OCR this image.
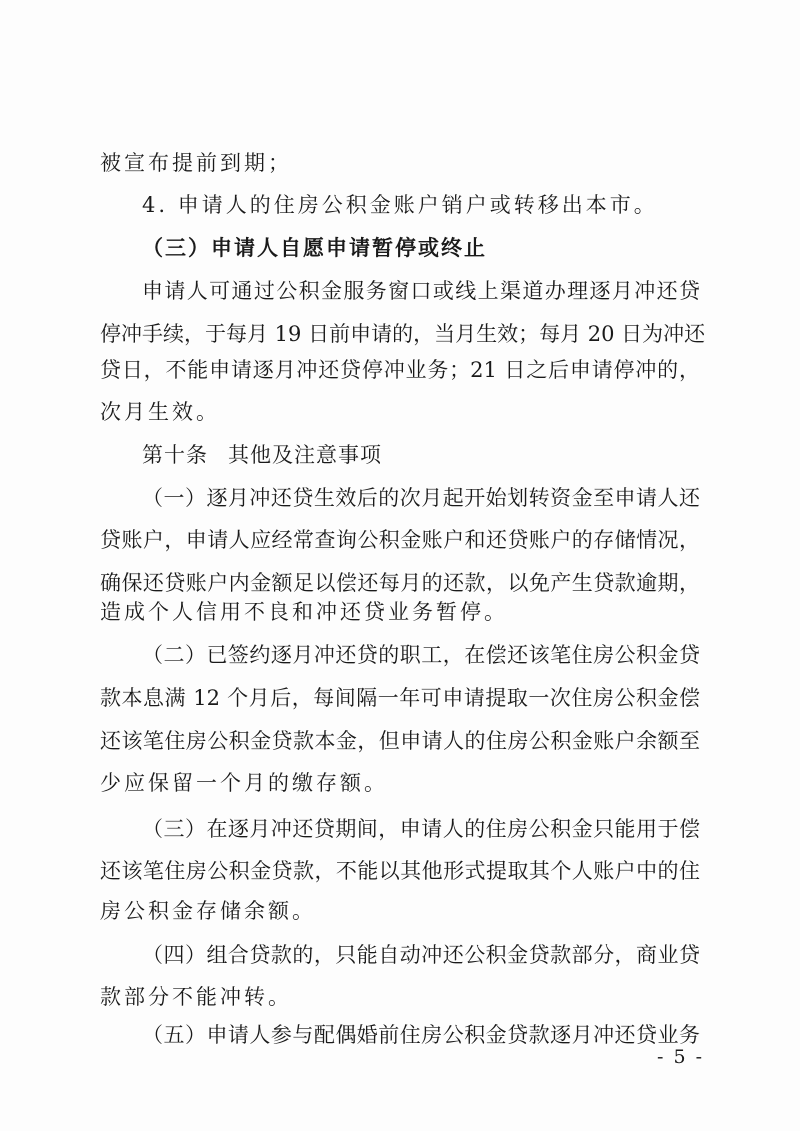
被宣布提前到期；
4. 申请人的住房公积金账户销户或转移出本市。
（三）申请人自愿申请暂停或终止
申请人可通过公积金服务窗口或线上渠道办理逐月冲还贷
停冲手续，于每月 19 日前申请的，当月生效；每月 20 日为冲还
贷日，不能申请逐月冲还贷停冲业务；21 日之后申请停冲的，
次月生效。
第十条 其他及注意事项
（一）逐月冲还贷生效后的次月起开始划转资金至申请人还
贷账户，申请人应经常查询公积金账户和还贷账户的存储情况，
确保还贷账户内金额足以偿还每月的还款，以免产生贷款逾期，
造成个人信用不良和冲还贷业务暂停。
（二）已签约逐月冲还贷的职工，在偿还该笔住房公积金贷
款本息满 12 个月后，每间隔一年可申请提取一次住房公积金偿
还该笔住房公积金贷款本金，但申请人的住房公积金账户余额至
少应保留一个月的缴存额。
（三）在逐月冲还贷期间，申请人的住房公积金只能用于偿
还该笔住房公积金贷款，不能以其他形式提取其个人账户中的住
房公积金存储余额。
（四）组合贷款的，只能自动冲还公积金贷款部分，商业贷
款部分不能冲转。
（五）申请人参与配偶婚前住房公积金贷款逐月冲还贷业务
- 5 -
